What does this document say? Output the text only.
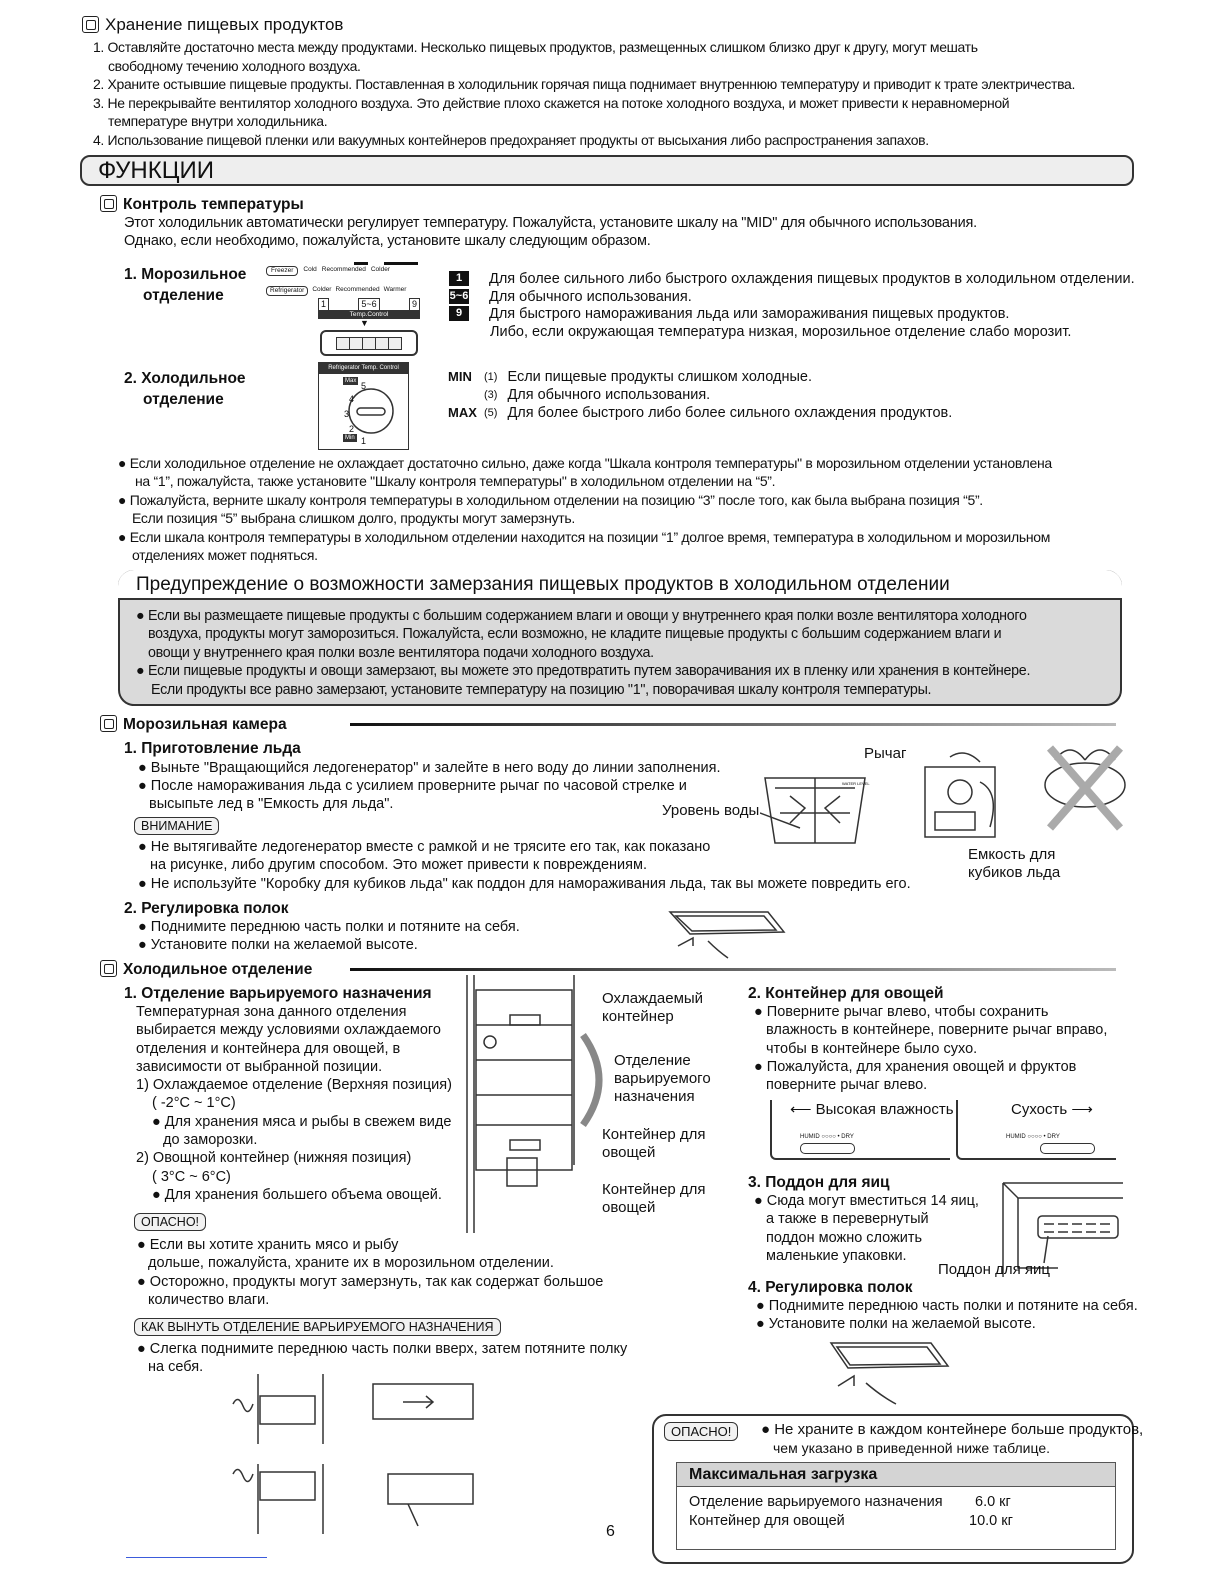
Хранение пищевых продуктов
1. Оставляйте достаточно места между продуктами. Несколько пищевых продуктов, размещенных слишком близко друг к другу, могут мешать
свободному течению холодного воздуха.
2. Храните остывшие пищевые продукты. Поставленная в холодильник горячая пища поднимает внутреннюю температуру и приводит к трате электричества.
3. Не перекрывайте вентилятор холодного воздуха. Это действие плохо скажется на потоке холодного воздуха, и может привести к неравномерной
температуре внутри холодильника.
4. Использование пищевой пленки или вакуумных контейнеров предохраняет продукты от высыхания либо распространения запахов.
ФУНКЦИИ
Контроль температуры
Этот холодильник автоматически регулирует температуру. Пожалуйста, установите шкалу на "MID" для обычного использования.
Однако, если необходимо, пожалуйста, установите шкалу следующим образом.
1. Морозильное
отделение
Freezer	Cold Recommended Colder
Refrigerator	Colder Recommended Warmer
1	5~6	9
Temp.Control
▼
1	Для более сильного либо быстрого охлаждения пищевых продуктов в холодильном отделении.
5~6 Для обычного использования.
9	Для быстрого намораживания льда или замораживания пищевых продуктов.
Либо, если окружающая температура низкая, морозильное отделение слабо морозит.
2. Холодильное
отделение
Refrigerator Temp. Control
Max 5
4
3
2
Min 1
MIN	(1) Если пищевые продукты слишком холодные.
(3) Для обычного использования.
MAX (5) Для более быстрого либо более сильного охлаждения продуктов.
● Если холодильное отделение не охлаждает достаточно сильно, даже когда "Шкала контроля температуры" в морозильном отделении установлена
на “1”, пожалуйста, также установите "Шкалу контроля температуры" в холодильном отделении на “5”.
● Пожалуйста, верните шкалу контроля температуры в холодильном отделении на позицию “3” после того, как была выбрана позиция “5”.
Если позиция “5” выбрана слишком долго, продукты могут замерзнуть.
● Если шкала контроля температуры в холодильном отделении находится на позиции “1” долгое время, температура в холодильном и морозильном
отделениях может подняться.
Предупреждение о возможности замерзания пищевых продуктов в холодильном отделении
● Если вы размещаете пищевые продукты с большим содержанием влаги и овощи у внутреннего края полки возле вентилятора холодного
воздуха, продукты могут заморозиться. Пожалуйста, если возможно, не кладите пищевые продукты с большим содержанием влаги и
овощи у внутреннего края полки возле вентилятора подачи холодного воздуха.
● Если пищевые продукты и овощи замерзают, вы можете это предотвратить путем заворачивания их в пленку или хранения в контейнере.
Если продукты все равно замерзают, установите температуру на позицию "1", поворачивая шкалу контроля температуры.
Морозильная камера
1. Приготовление льда
● Выньте "Вращающийся ледогенератор" и залейте в него воду до линии заполнения.
● После намораживания льда с усилием проверните рычаг по часовой стрелке и
высыпьте лед в "Емкость для льда".
ВНИМАНИЕ
● Не вытягивайте ледогенератор вместе с рамкой и не трясите его так, как показано
на рисунке, либо другим способом. Это может привести к повреждениям.
● Не используйте "Коробку для кубиков льда" как поддон для намораживания льда, так вы можете повредить его.
Рычаг
Уровень воды
WATER LEVEL
Емкость для
кубиков льда
2. Регулировка полок
● Поднимите переднюю часть полки и потяните на себя.
● Установите полки на желаемой высоте.
Холодильное отделение
1. Отделение варьируемого назначения
Температурная зона данного отделения
выбирается между условиями охлаждаемого
отделения и контейнера для овощей, в
зависимости от выбранной позиции.
1) Охлаждаемое отделение (Верхняя позиция)
( -2°C ~ 1°C)
● Для хранения мяса и рыбы в свежем виде
до заморозки.
2) Овощной контейнер (нижняя позиция)
( 3°C ~ 6°C)
● Для хранения большего объема овощей.
ОПАСНО!
● Если вы хотите хранить мясо и рыбу
дольше, пожалуйста, храните их в морозильном отделении.
● Осторожно, продукты могут замерзнуть, так как содержат большое
количество влаги.
КАК ВЫНУТЬ ОТДЕЛЕНИЕ ВАРЬИРУЕМОГО НАЗНАЧЕНИЯ
● Слегка поднимите переднюю часть полки вверх, затем потяните полку
на себя.
Охлаждаемый
контейнер
Отделение
варьируемого
назначения
Контейнер для
овощей
Контейнер для
овощей
2. Контейнер для овощей
● Поверните рычаг влево, чтобы сохранить
влажность в контейнере, поверните рычаг вправо,
чтобы в контейнере было сухо.
● Пожалуйста, для хранения овощей и фруктов
поверните рычаг влево.
⟵ Высокая влажность
HUMID ○○○○ • DRY
Сухость ⟶
HUMID ○○○○ • DRY
3. Поддон для яиц
● Сюда могут вместиться 14 яиц,
а также в перевернутый
поддон можно сложить
маленькие упаковки.
Поддон для яиц
4. Регулировка полок
● Поднимите переднюю часть полки и потяните на себя.
● Установите полки на желаемой высоте.
ОПАСНО!	● Не храните в каждом контейнере больше продуктов,
чем указано в приведенной ниже таблице.
Максимальная загрузка
Отделение варьируемого назначения	6.0 кг
Контейнер для овощей	10.0 кг
6
